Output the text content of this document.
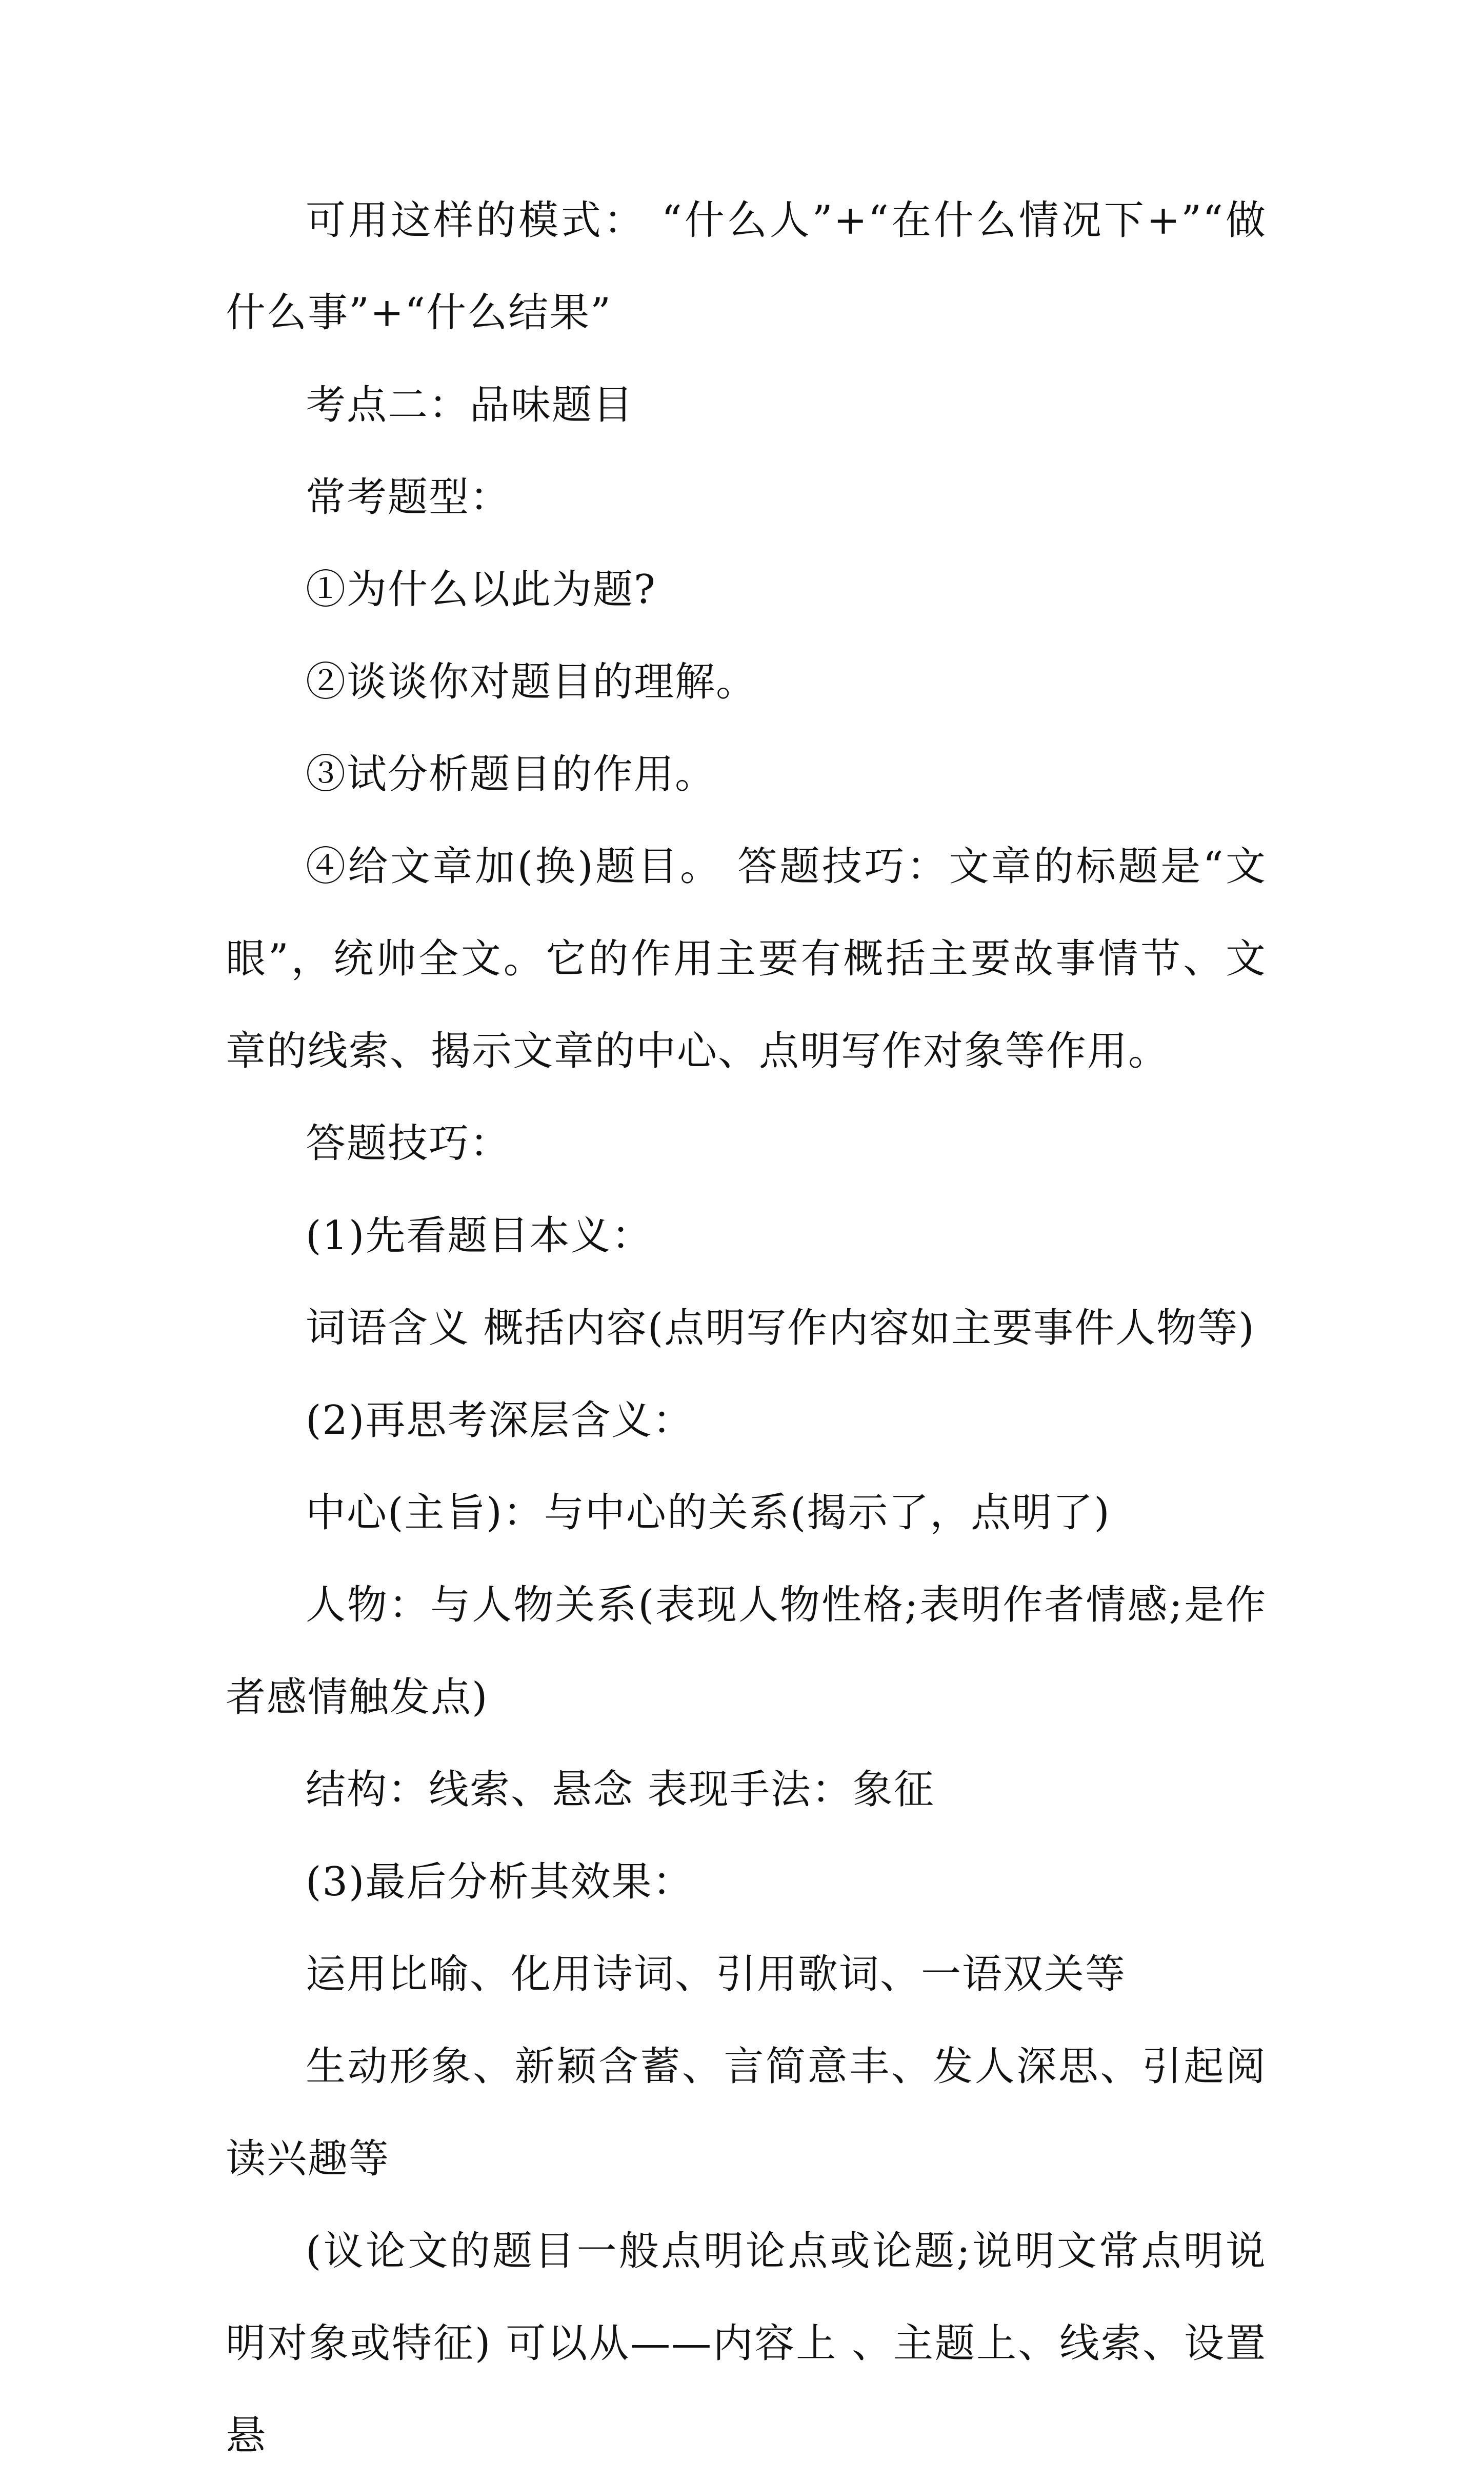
可用这样的模式： “什么人”+“在什么情况下+”“做什么事”+“什么结果”

考点二：品味题目

常考题型：

①为什么以此为题?

②谈谈你对题目的理解。

③试分析题目的作用。

④给文章加(换)题目。 答题技巧：文章的标题是“文眼”，统帅全文。它的作用主要有概括主要故事情节、文章的线索、揭示文章的中心、点明写作对象等作用。

答题技巧：

(1)先看题目本义：

词语含义 概括内容(点明写作内容如主要事件人物等)

(2)再思考深层含义：

中心(主旨)：与中心的关系(揭示了，点明了)

人物：与人物关系(表现人物性格;表明作者情感;是作者感情触发点)

结构：线索、悬念 表现手法：象征

(3)最后分析其效果：

运用比喻、化用诗词、引用歌词、一语双关等

生动形象、新颖含蓄、言简意丰、发人深思、引起阅读兴趣等

(议论文的题目一般点明论点或论题;说明文常点明说明对象或特征) 可以从——内容上 、主题上、线索、设置悬
